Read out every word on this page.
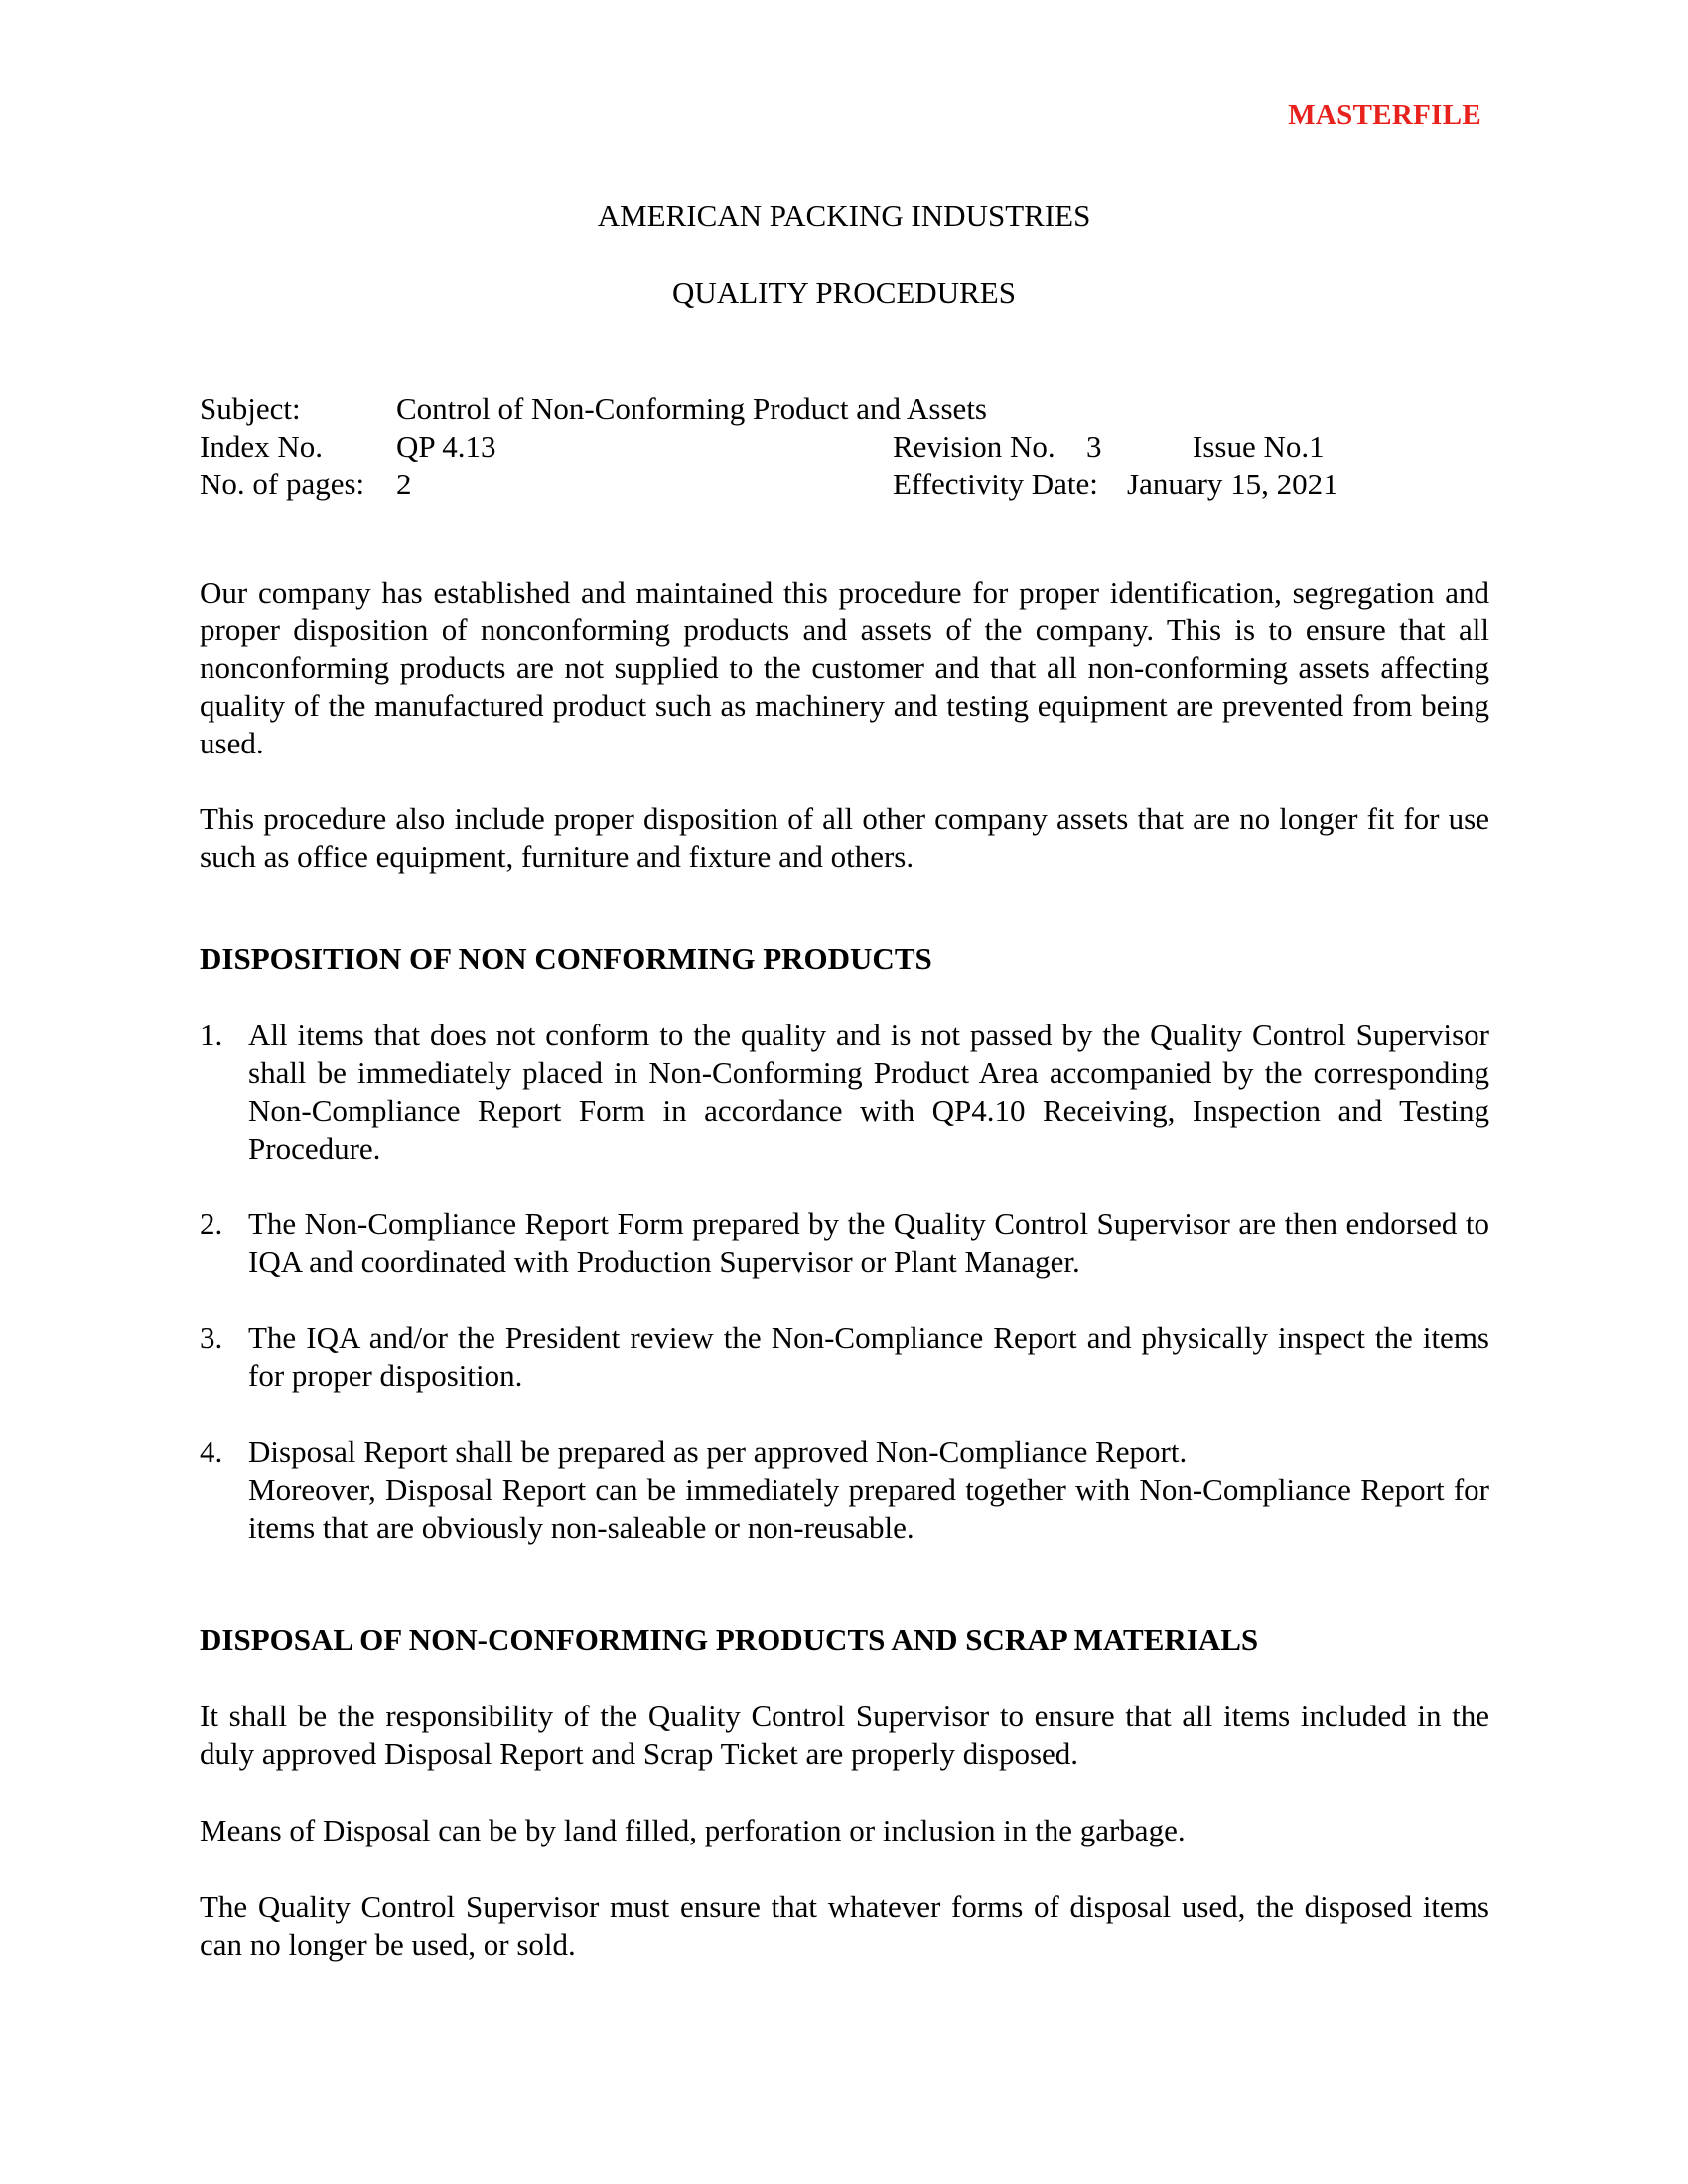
MASTERFILE
AMERICAN PACKING INDUSTRIES
QUALITY PROCEDURES
Subject:	Control of Non-Conforming Product and Assets
Index No. QP 4.13	Revision No. 3	Issue No.1
No. of pages: 2	Effectivity Date: January 15, 2021

Our company has established and maintained this procedure for proper identification, segregation and proper disposition of nonconforming products and assets of the company. This is to ensure that all nonconforming products are not supplied to the customer and that all non-conforming assets affecting quality of the manufactured product such as machinery and testing equipment are prevented from being used.

This procedure also include proper disposition of all other company assets that are no longer fit for use such as office equipment, furniture and fixture and others.

DISPOSITION OF NON CONFORMING PRODUCTS
1. All items that does not conform to the quality and is not passed by the Quality Control Supervisor shall be immediately placed in Non-Conforming Product Area accompanied by the corresponding Non-Compliance Report Form in accordance with QP4.10 Receiving, Inspection and Testing Procedure.
2. The Non-Compliance Report Form prepared by the Quality Control Supervisor are then endorsed to IQA and coordinated with Production Supervisor or Plant Manager.
3. The IQA and/or the President review the Non-Compliance Report and physically inspect the items for proper disposition.
4. Disposal Report shall be prepared as per approved Non-Compliance Report.
Moreover, Disposal Report can be immediately prepared together with Non-Compliance Report for items that are obviously non-saleable or non-reusable.
DISPOSAL OF NON-CONFORMING PRODUCTS AND SCRAP MATERIALS

It shall be the responsibility of the Quality Control Supervisor to ensure that all items included in the duly approved Disposal Report and Scrap Ticket are properly disposed.

Means of Disposal can be by land filled, perforation or inclusion in the garbage.

The Quality Control Supervisor must ensure that whatever forms of disposal used, the disposed items can no longer be used, or sold.
